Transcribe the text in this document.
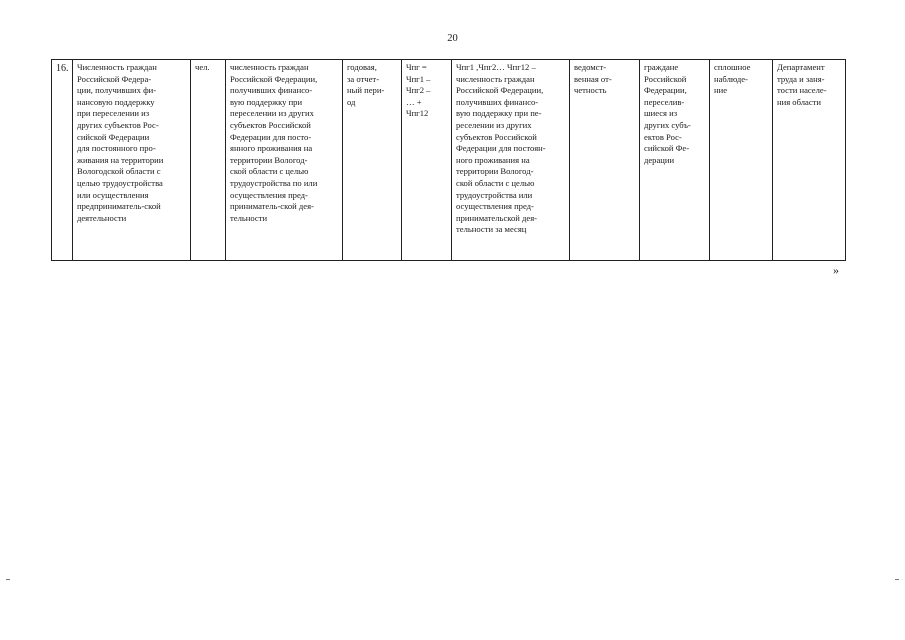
20
16.	Численность граждан
Российской Федера-
ции, получивших фи-
нансовую поддержку
при переселении из
других субъектов Рос-
сийской Федерации
для постоянного про-
живания на территории
Вологодской области с
целью трудоустройства
или осуществления
предприниматель-ской
деятельности	чел.	численность граждан
Российской Федерации,
получивших финансо-
вую поддержку при
переселении из других
субъектов Российской
Федерации для посто-
янного проживания на
территории Вологод-
ской области с целью
трудоустройства по или
осуществления пред-
приниматель-ской дея-
тельности	годовая,
за отчет-
ный пери-
од	Чпг =
Чпг1 –
Чпг2 –
… +
Чпг12	Чпг1 ,Чпг2… Чпг12 –
численность граждан
Российской Федерации,
получивших финансо-
вую поддержку при пе-
реселении из других
субъектов Российской
Федерации для постоян-
ного проживания на
территории Вологод-
ской области с целью
трудоустройства или
осуществления пред-
принимательской дея-
тельности за месяц	ведомст-
венная от-
четность	граждане
Российской
Федерации,
переселив-
шиеся из
других субъ-
ектов Рос-
сийской Фе-
дерации	сплошное
наблюде-
ние	Департамент
труда и заня-
тости населе-
ния области
»
